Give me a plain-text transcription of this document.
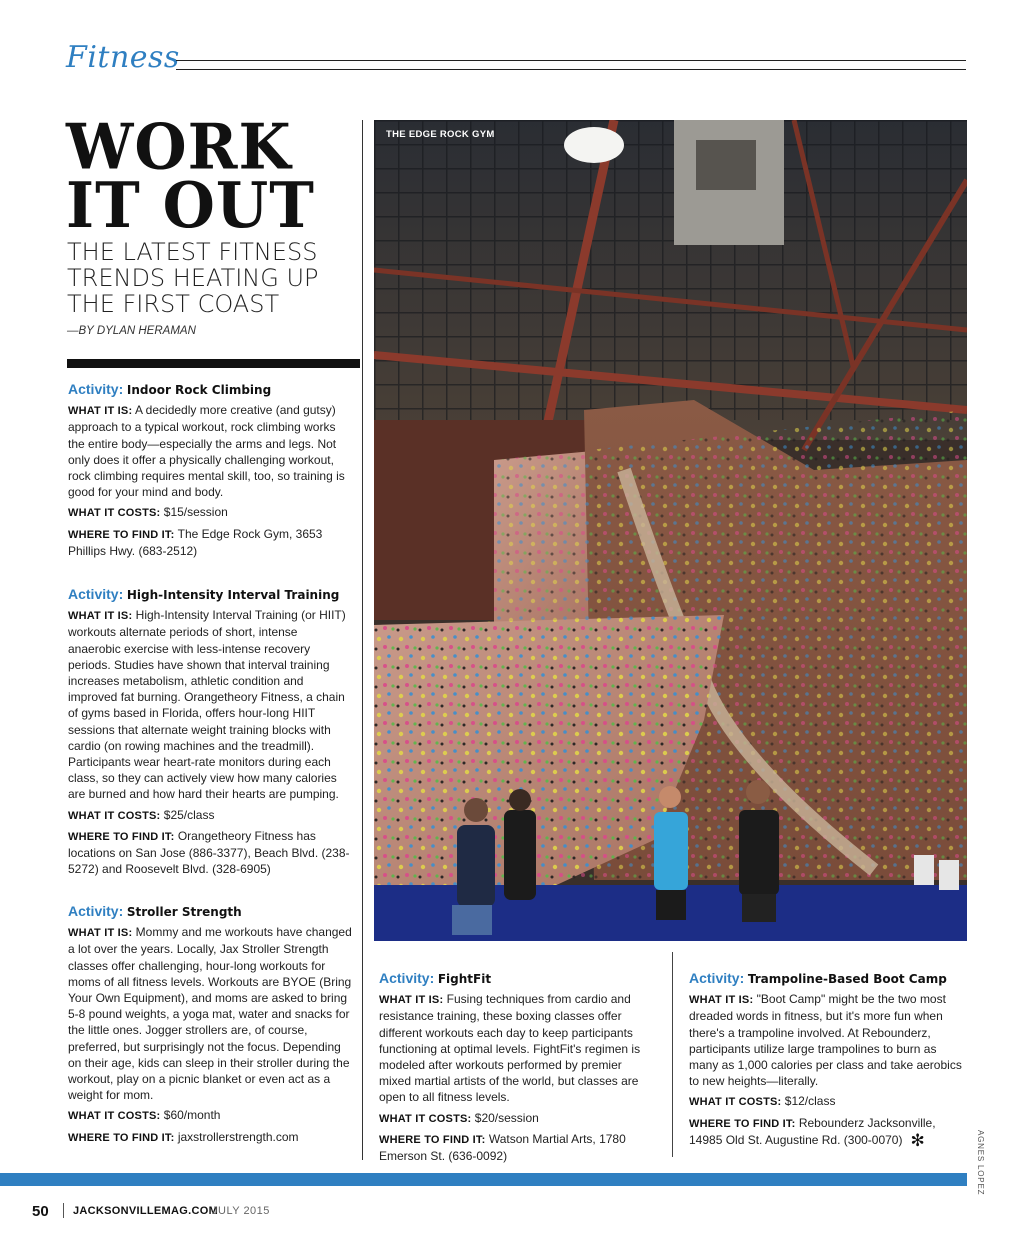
Fitness
WORK
IT OUT
THE LATEST FITNESS TRENDS HEATING UP THE FIRST COAST
—BY DYLAN HERAMAN
Activity: Indoor Rock Climbing
WHAT IT IS: A decidedly more creative (and gutsy) approach to a typical workout, rock climbing works the entire body—especially the arms and legs. Not only does it offer a physically challenging workout, rock climbing requires mental skill, too, so training is good for your mind and body.
WHAT IT COSTS: $15/session
WHERE TO FIND IT: The Edge Rock Gym, 3653 Phillips Hwy. (683-2512)
Activity: High-Intensity Interval Training
WHAT IT IS: High-Intensity Interval Training (or HIIT) workouts alternate periods of short, intense anaerobic exercise with less-intense recovery periods. Studies have shown that interval training increases metabolism, athletic condition and improved fat burning. Orangetheory Fitness, a chain of gyms based in Florida, offers hour-long HIIT sessions that alternate weight training blocks with cardio (on rowing machines and the treadmill). Participants wear heart-rate monitors during each class, so they can actively view how many calories are burned and how hard their hearts are pumping.
WHAT IT COSTS: $25/class
WHERE TO FIND IT: Orangetheory Fitness has locations on San Jose (886-3377), Beach Blvd. (238-5272) and Roosevelt Blvd. (328-6905)
Activity: Stroller Strength
WHAT IT IS: Mommy and me workouts have changed a lot over the years. Locally, Jax Stroller Strength classes offer challenging, hour-long workouts for moms of all fitness levels. Workouts are BYOE (Bring Your Own Equipment), and moms are asked to bring 5-8 pound weights, a yoga mat, water and snacks for the little ones. Jogger strollers are, of course, preferred, but surprisingly not the focus. Depending on their age, kids can sleep in their stroller during the workout, play on a picnic blanket or even act as a weight for mom.
WHAT IT COSTS: $60/month
WHERE TO FIND IT: jaxstrollerstrength.com
THE EDGE ROCK GYM
AGNES LOPEZ
Activity: FightFit
WHAT IT IS: Fusing techniques from cardio and resistance training, these boxing classes offer different workouts each day to keep participants functioning at optimal levels. FightFit's regimen is modeled after workouts performed by premier mixed martial artists of the world, but classes are open to all fitness levels.
WHAT IT COSTS: $20/session
WHERE TO FIND IT: Watson Martial Arts, 1780 Emerson St. (636-0092)
Activity: Trampoline-Based Boot Camp
WHAT IT IS: "Boot Camp" might be the two most dreaded words in fitness, but it's more fun when there's a trampoline involved. At Rebounderz, participants utilize large trampolines to burn as many as 1,000 calories per class and take aerobics to new heights—literally.
WHAT IT COSTS: $12/class
WHERE TO FIND IT: Rebounderz Jacksonville, 14985 Old St. Augustine Rd. (300-0070) ✻
50 JACKSONVILLEMAG.COM
JULY 2015
